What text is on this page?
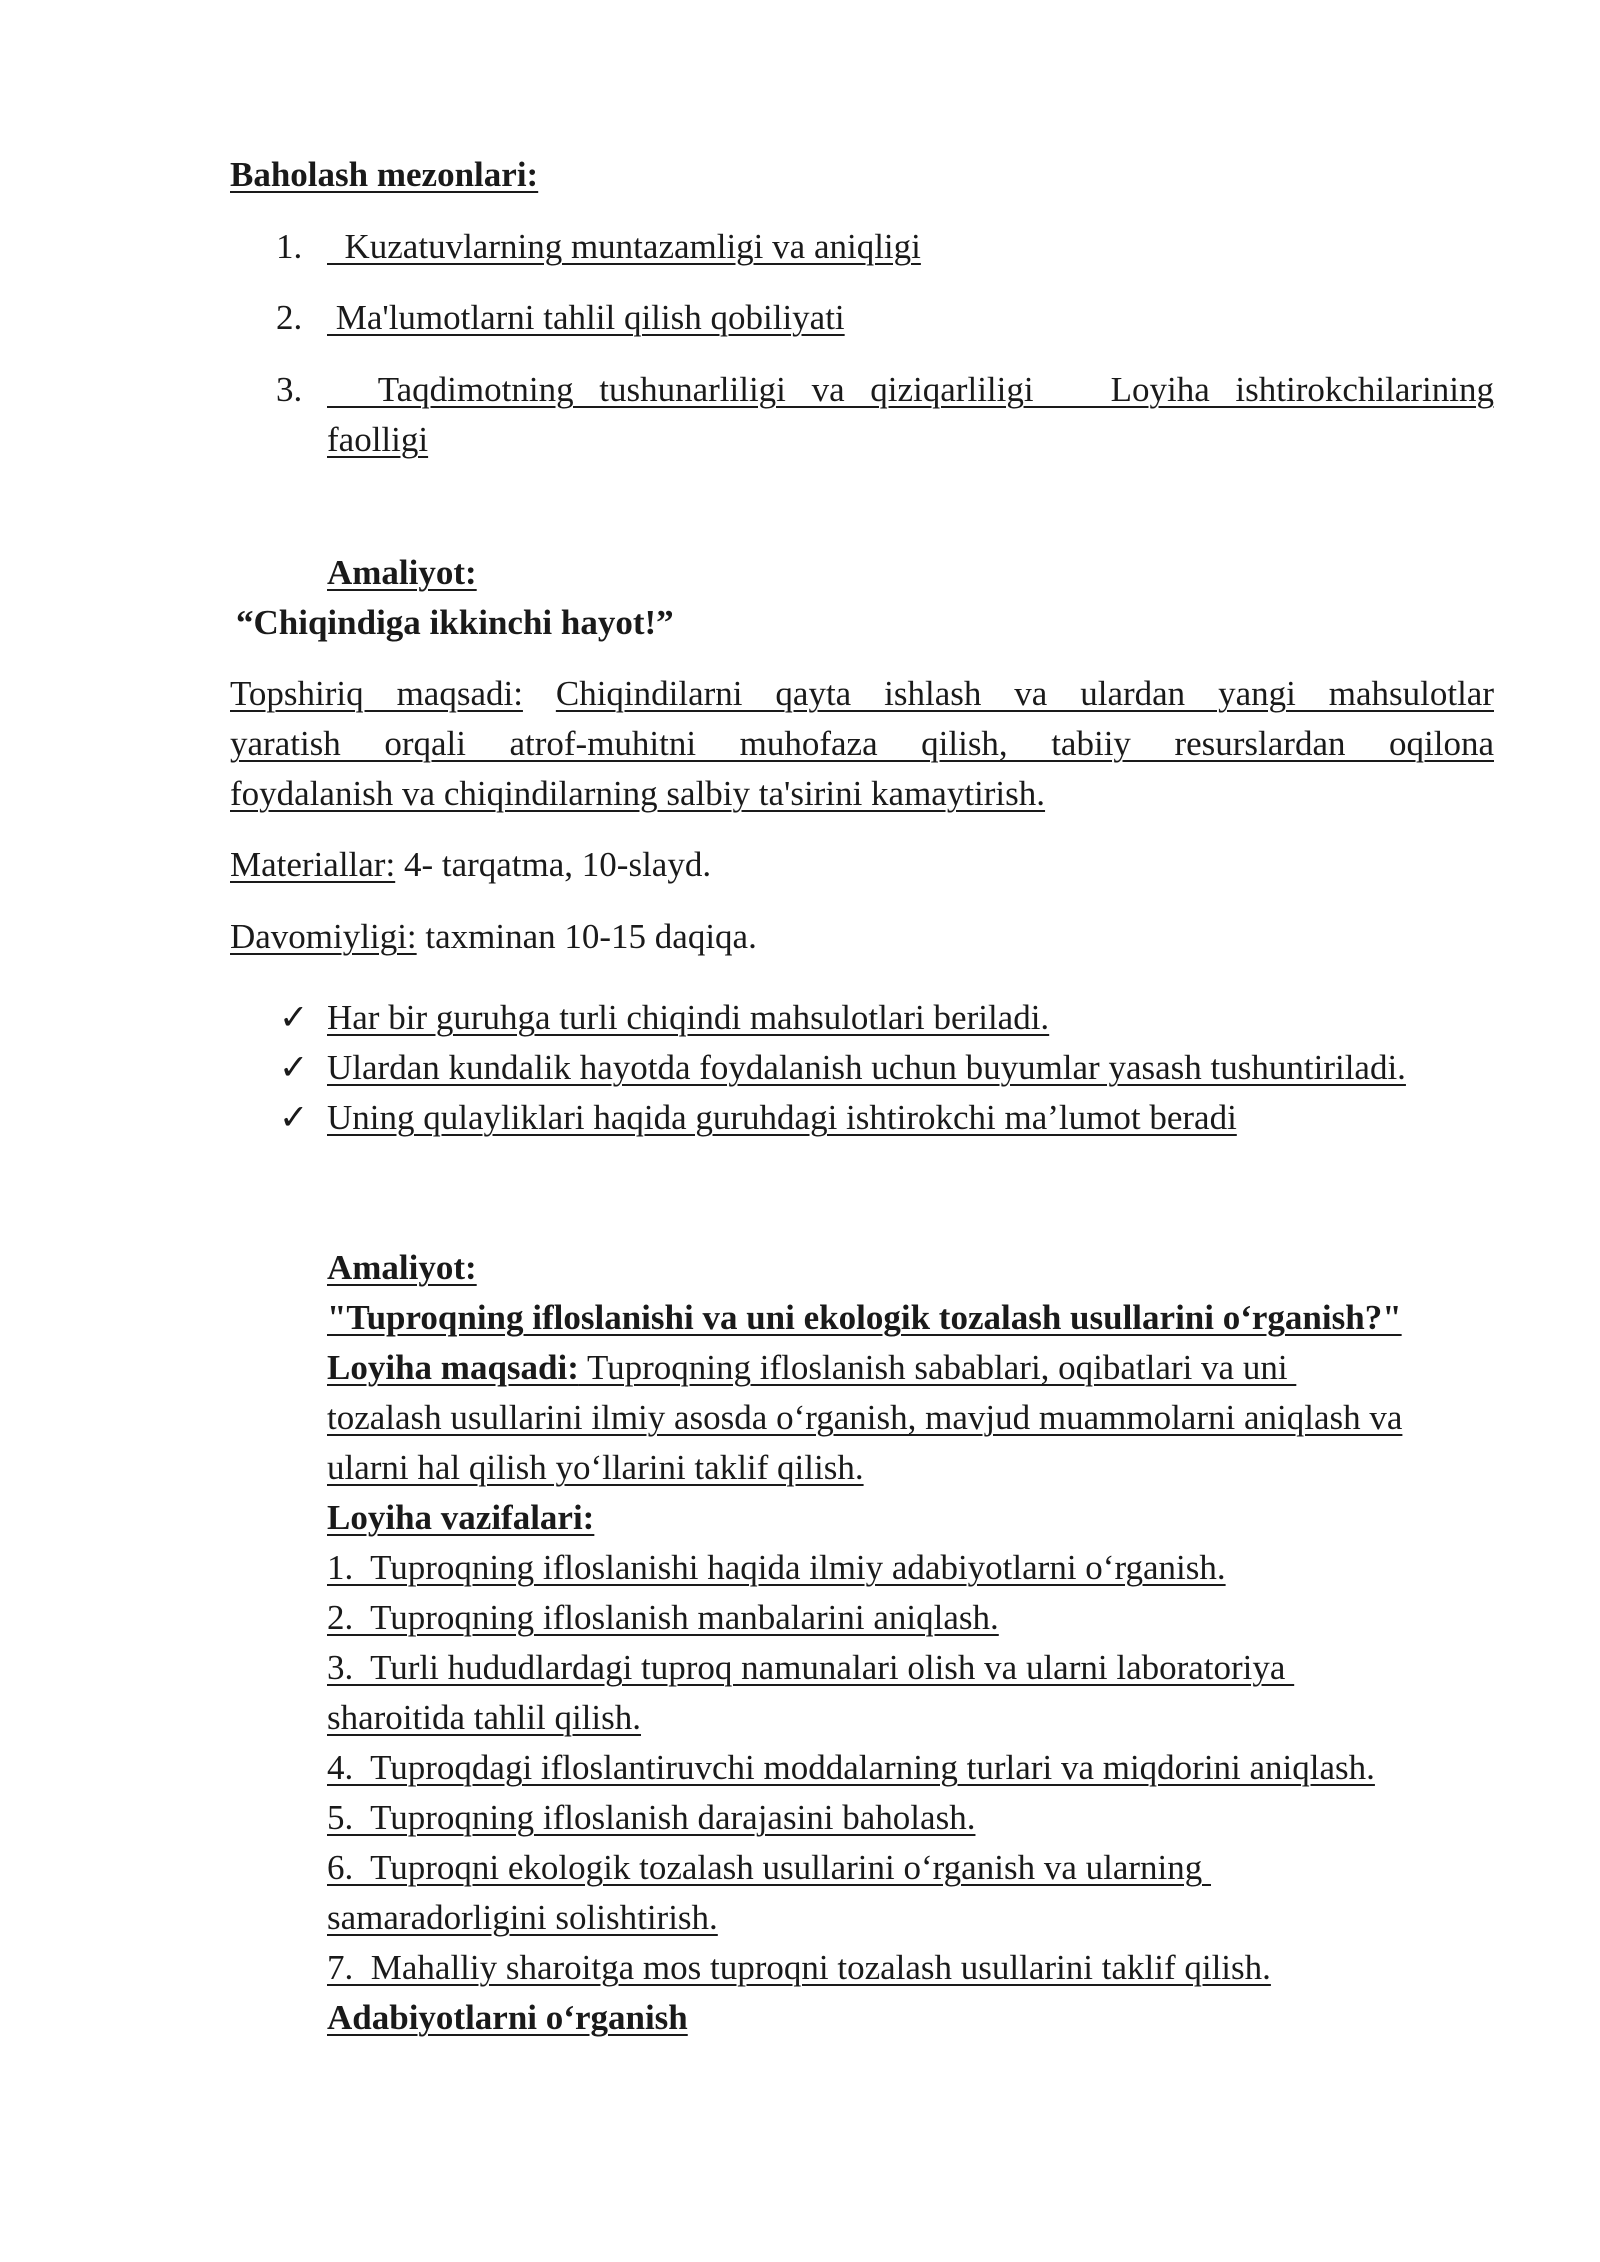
Baholash mezonlari:
1. Kuzatuvlarning muntazamligi va aniqligi
2. Ma'lumotlarni tahlil qilish qobiliyati
3. Taqdimotning tushunarliligi va qiziqarliligi   Loyiha ishtirokchilarining
faolligi
Amaliyot:
“Chiqindiga ikkinchi hayot!”
Topshiriq maqsadi: Chiqindilarni qayta ishlash va ulardan yangi mahsulotlar
yaratish orqali atrof-muhitni muhofaza qilish, tabiiy resurslardan oqilona
foydalanish va chiqindilarning salbiy ta'sirini kamaytirish.
Materiallar: 4- tarqatma, 10-slayd.
Davomiyligi: taxminan 10-15 daqiqa.
✓ Har bir guruhga turli chiqindi mahsulotlari beriladi.
✓ Ulardan kundalik hayotda foydalanish uchun buyumlar yasash tushuntiriladi.
✓ Uning qulayliklari haqida guruhdagi ishtirokchi ma’lumot beradi
Amaliyot:
"Tuproqning ifloslanishi va uni ekologik tozalash usullarini o‘rganish?"
Loyiha maqsadi: Tuproqning ifloslanish sabablari, oqibatlari va uni
tozalash usullarini ilmiy asosda o‘rganish, mavjud muammolarni aniqlash va
ularni hal qilish yo‘llarini taklif qilish.
Loyiha vazifalari:
1.  Tuproqning ifloslanishi haqida ilmiy adabiyotlarni o‘rganish.
2.  Tuproqning ifloslanish manbalarini aniqlash.
3.  Turli hududlardagi tuproq namunalari olish va ularni laboratoriya
sharoitida tahlil qilish.
4.  Tuproqdagi ifloslantiruvchi moddalarning turlari va miqdorini aniqlash.
5.  Tuproqning ifloslanish darajasini baholash.
6.  Tuproqni ekologik tozalash usullarini o‘rganish va ularning
samaradorligini solishtirish.
7.  Mahalliy sharoitga mos tuproqni tozalash usullarini taklif qilish.
Adabiyotlarni o‘rganish
